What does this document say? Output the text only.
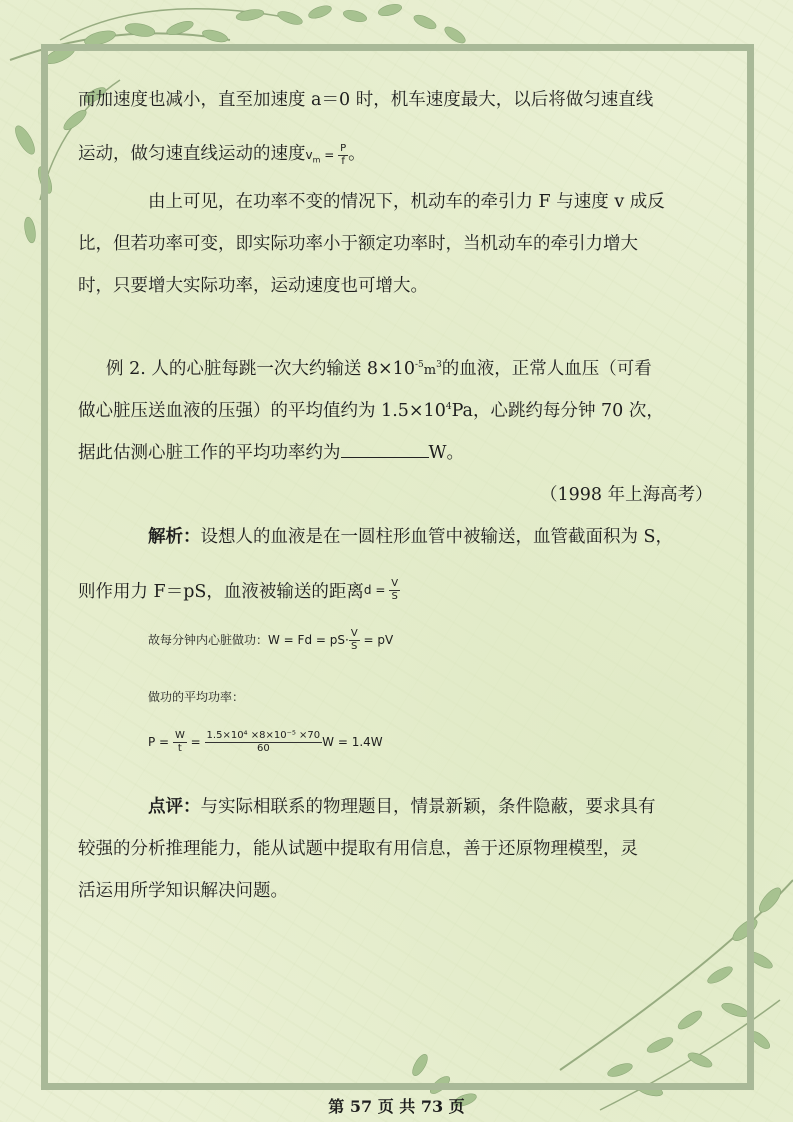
而加速度也减小，直至加速度 a＝0 时，机车速度最大，以后将做匀速直线
运动，做匀速直线运动的速度$v_m = \frac{P}{f}$ 。
由上可见，在功率不变的情况下，机动车的牵引力 F 与速度 v 成反
比，但若功率可变，即实际功率小于额定功率时，当机动车的牵引力增大
时，只要增大实际功率，运动速度也可增大。
例 2. 人的心脏每跳一次大约输送 $8\times 10^{-5}m^3$的血液，正常人血压（可看
做心脏压送血液的压强）的平均值约为 $1.5\times 10^4Pa$，心跳约每分钟 70 次，
据此估测心脏工作的平均功率约为	W。
（1998 年上海高考）
解析：设想人的血液是在一圆柱形血管中被输送，血管截面积为 S，
则作用力 F＝pS，血液被输送的距离$^{d = \frac{V}{S}}$
故每分钟内心脏做功：$W = Fd = pS\cdot \frac{V}{S}$ = pV
做功的平均功率：
$P = \frac{W}{t} = \frac{\text{1.5×10⁴ ×8×10⁻⁵ ×70}}{60}$ W = 1.4W
点评：与实际相联系的物理题目，情景新颖，条件隐蔽，要求具有
较强的分析推理能力，能从试题中提取有用信息，善于还原物理模型，灵
活运用所学知识解决问题。
第 57 页 共 73 页
